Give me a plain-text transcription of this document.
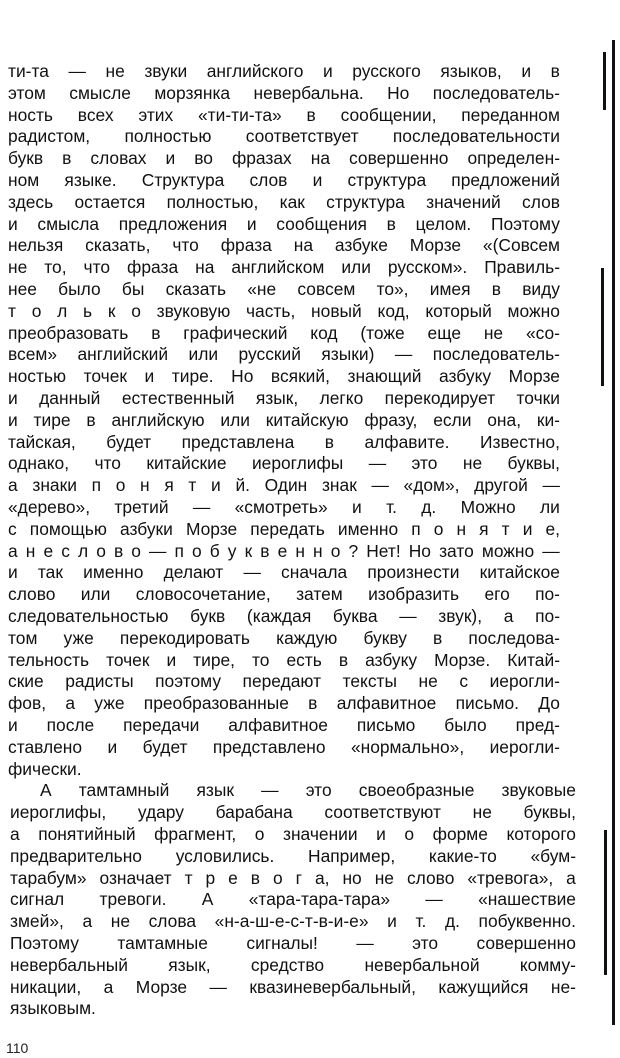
ти-та — не звуки английского и русского языков, и в
этом смысле морзянка невербальна. Но последователь-
ность всех этих «ти-ти-та» в сообщении, переданном
радистом, полностью соответствует последовательности
букв в словах и во фразах на совершенно определен-
ном языке. Структура слов и структура предложений
здесь остается полностью, как структура значений слов
и смысла предложения и сообщения в целом. Поэтому
нельзя сказать, что фраза на азбуке Морзе «(Совсем
не то, что фраза на английском или русском». Правиль-
нее было бы сказать «не совсем то», имея в виду
т о л ь к о звуковую часть, новый код, который можно
преобразовать в графический код (тоже еще не «со-
всем» английский или русский языки) — последователь-
ностью точек и тире. Но всякий, знающий азбуку Морзе
и данный естественный язык, легко перекодирует точки
и тире в английскую или китайскую фразу, если она, ки-
тайская, будет представлена в алфавите. Известно,
однако, что китайские иероглифы — это не буквы,
а знаки п о н я т и й. Один знак — «дом», другой —
«дерево», третий — «смотреть» и т. д. Можно ли
с помощью азбуки Морзе передать именно п о н я т и е,
а н е с л о в о — п о б у к в е н н о ? Нет! Но зато можно —
и так именно делают — сначала произнести китайское
слово или словосочетание, затем изобразить его по-
следовательностью букв (каждая буква — звук), а по-
том уже перекодировать каждую букву в последова-
тельность точек и тире, то есть в азбуку Морзе. Китай-
ские радисты поэтому передают тексты не с иерогли-
фов, а уже преобразованные в алфавитное письмо. До
и после передачи алфавитное письмо было пред-
ставлено и будет представлено «нормально», иерогли-
фически.
А тамтамный язык — это своеобразные звуковые
иероглифы, удару барабана соответствуют не буквы,
а понятийный фрагмент, о значении и о форме которого
предварительно условились. Например, какие-то «бум-
тарабум» означает т р е в о г а, но не слово «тревога», а
сигнал тревоги. А «тара-тара-тара» — «нашествие
змей», а не слова «н-а-ш-е-с-т-в-и-е» и т. д. побуквенно.
Поэтому тамтамные сигналы! — это совершенно
невербальный язык, средство невербальной комму-
никации, а Морзе — квазиневербальный, кажущийся не-
языковым.
110
